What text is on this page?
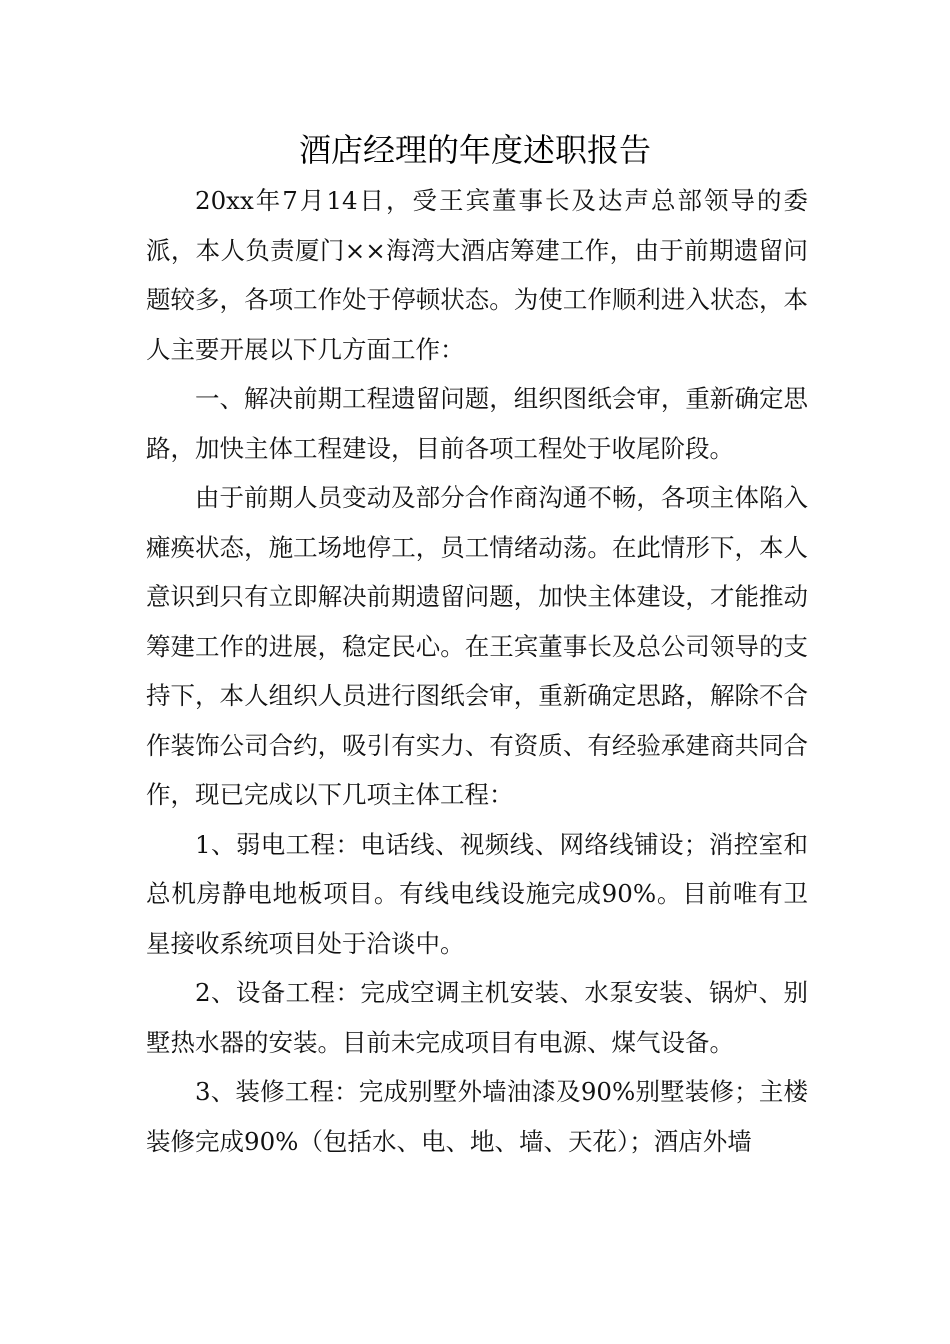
酒店经理的年度述职报告

20xx年7月14日，受王宾董事长及达声总部领导的委派，本人负责厦门××海湾大酒店筹建工作，由于前期遗留问题较多，各项工作处于停顿状态。为使工作顺利进入状态，本人主要开展以下几方面工作：

一、解决前期工程遗留问题，组织图纸会审，重新确定思路，加快主体工程建设，目前各项工程处于收尾阶段。

由于前期人员变动及部分合作商沟通不畅，各项主体陷入瘫痪状态，施工场地停工，员工情绪动荡。在此情形下，本人意识到只有立即解决前期遗留问题，加快主体建设，才能推动筹建工作的进展，稳定民心。在王宾董事长及总公司领导的支持下，本人组织人员进行图纸会审，重新确定思路，解除不合作装饰公司合约，吸引有实力、有资质、有经验承建商共同合作，现已完成以下几项主体工程：

1、弱电工程：电话线、视频线、网络线铺设；消控室和总机房静电地板项目。有线电线设施完成90%。目前唯有卫星接收系统项目处于洽谈中。

2、设备工程：完成空调主机安装、水泵安装、锅炉、别墅热水器的安装。目前未完成项目有电源、煤气设备。

3、装修工程：完成别墅外墙油漆及90%别墅装修；主楼装修完成90%（包括水、电、地、墙、天花）；酒店外墙
